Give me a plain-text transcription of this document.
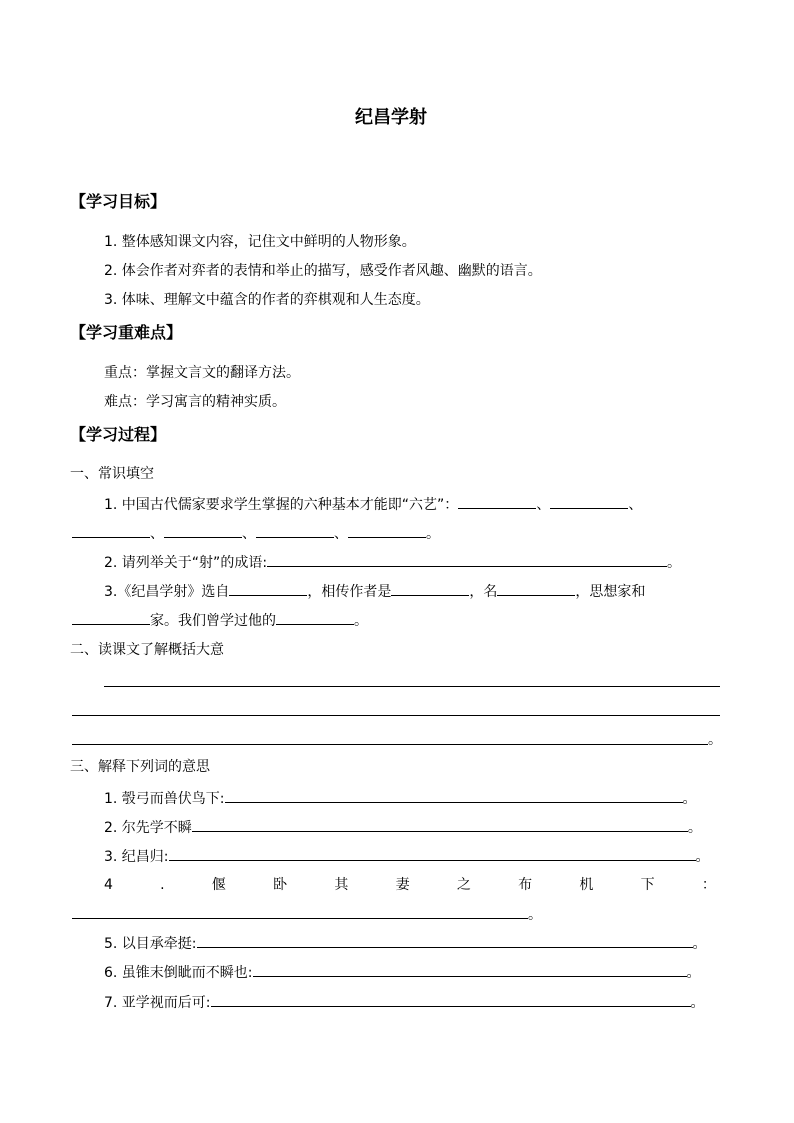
纪昌学射
【学习目标】
1. 整体感知课文内容，记住文中鲜明的人物形象。
2. 体会作者对弈者的表情和举止的描写，感受作者风趣、幽默的语言。
3. 体味、理解文中蕴含的作者的弈棋观和人生态度。
【学习重难点】
重点：掌握文言文的翻译方法。
难点：学习寓言的精神实质。
【学习过程】
一、常识填空
1. 中国古代儒家要求学生掌握的六种基本才能即“六艺”：	、	、
、	、	、	。
2. 请列举关于“射”的成语:	。
3.《纪昌学射》选自	，相传作者是	，名	，思想家和
家。我们曾学过他的	。
二、读课文了解概括大意
。
三、解释下列词的意思
1. 彀弓而兽伏鸟下:	。
2. 尔先学不瞬	。
3. 纪昌归:	。
4	.	偃	卧	其	妻	之	布	机	下	：
。
5. 以目承牵挺:	。
6. 虽锥末倒眦而不瞬也:	。
7. 亚学视而后可:	。
